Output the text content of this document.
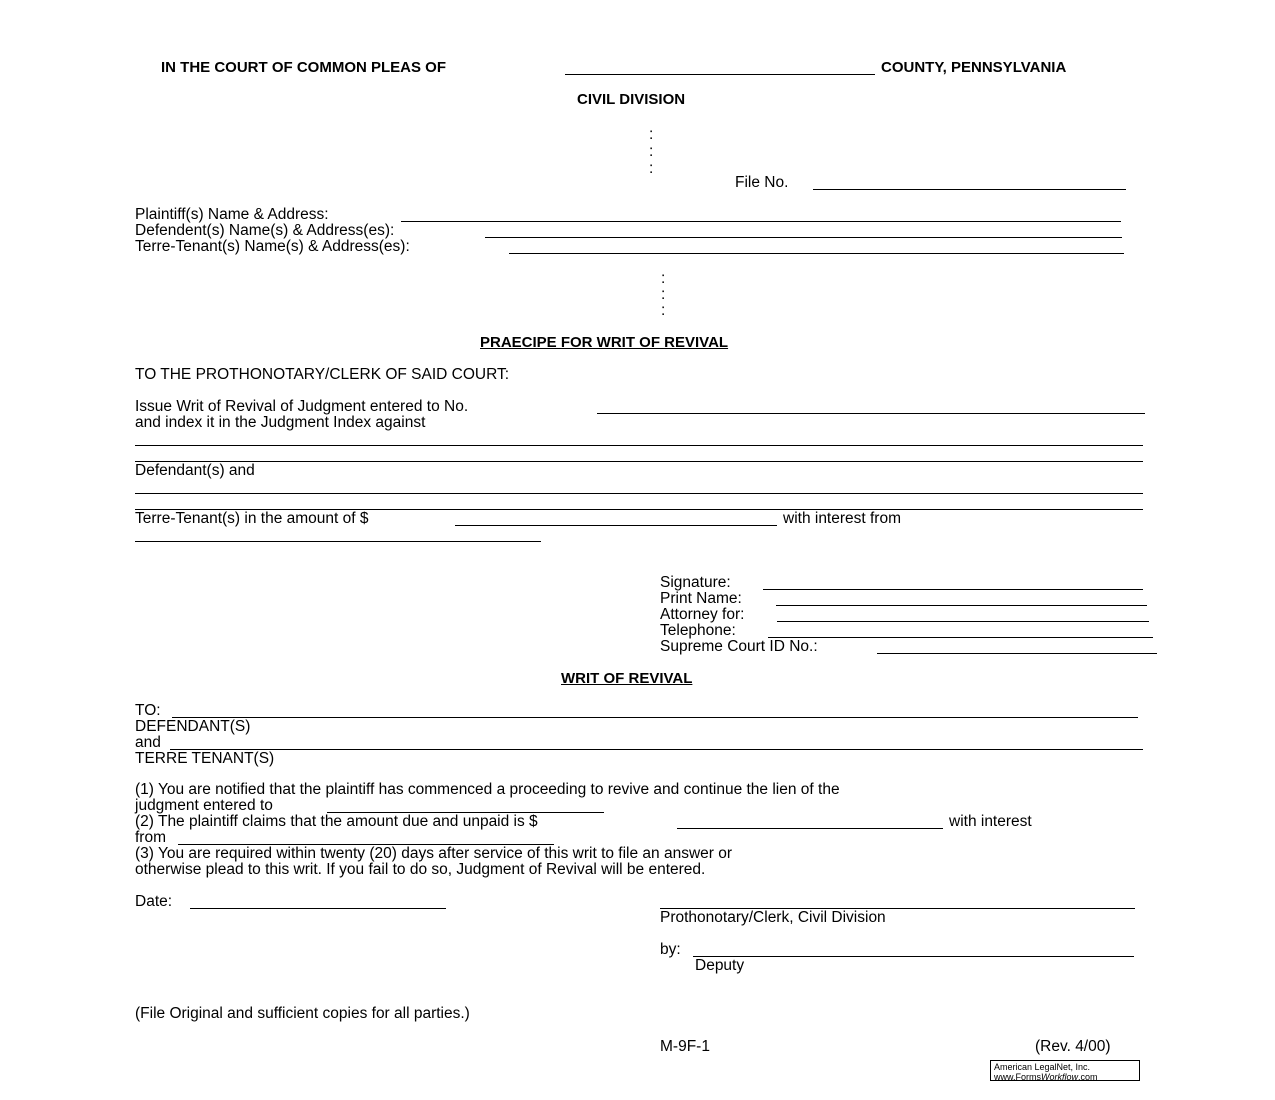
IN THE COURT OF COMMON PLEAS OF	COUNTY, PENNSYLVANIA
CIVIL DIVISION
:
:
:
File No.
Plaintiff(s) Name & Address:
Defendent(s) Name(s) & Address(es):
Terre-Tenant(s) Name(s) & Address(es):
:
:
:
PRAECIPE FOR WRIT OF REVIVAL
TO THE PROTHONOTARY/CLERK OF SAID COURT:
Issue Writ of Revival of Judgment entered to No.
and index it in the Judgment Index against
Defendant(s) and
Terre-Tenant(s) in the amount of $	with interest from
Signature:
Print Name:
Attorney for:
Telephone:
Supreme Court ID No.:
WRIT OF REVIVAL
TO:
DEFENDANT(S)
and
TERRE TENANT(S)
(1) You are notified that the plaintiff has commenced a proceeding to revive and continue the lien of the
judgment entered to
(2) The plaintiff claims that the amount due and unpaid is $	with interest
from
(3) You are required within twenty (20) days after service of this writ to file an answer or
otherwise plead to this writ. If you fail to do so, Judgment of Revival will be entered.
Date:
Prothonotary/Clerk, Civil Division
by:
Deputy
(File Original and sufficient copies for all parties.)
M-9F-1	(Rev. 4/00)
American LegalNet, Inc.
www.FormsWorkflow.com
